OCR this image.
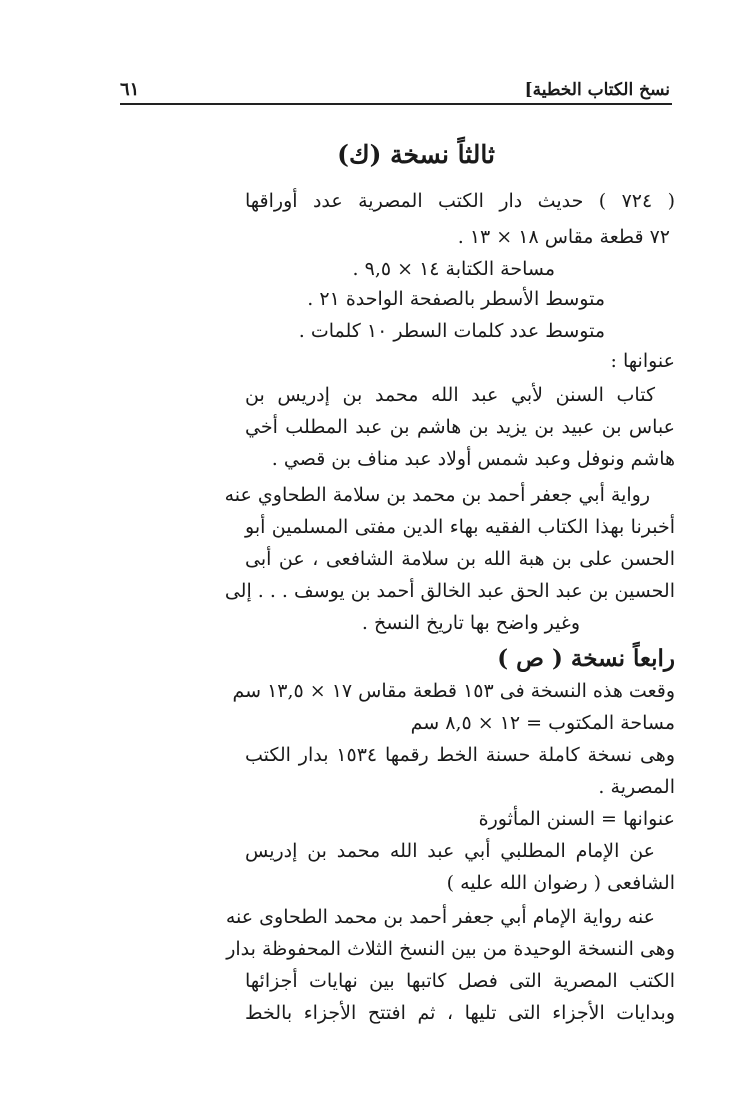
نسخ الكتاب الخطية]
٦١
ثالثاً نسخة (ك)
( ٧٢٤ ) حديث دار الكتب المصرية عدد أوراقها
٧٢ قطعة مقاس ١٨ × ١٣ .
مساحة الكتابة ١٤ × ٩,٥ .
متوسط الأسطر بالصفحة الواحدة ٢١ .
متوسط عدد كلمات السطر ١٠ كلمات .
عنوانها :
كتاب السنن لأبي عبد الله محمد بن إدريس بن
عباس بن عبيد بن يزيد بن هاشم بن عبد المطلب أخي
هاشم ونوفل وعبد شمس أولاد عبد مناف بن قصي .
رواية أبي جعفر أحمد بن محمد بن سلامة الطحاوي عنه
أخبرنا بهذا الكتاب الفقيه بهاء الدين مفتى المسلمين أبو
الحسن على بن هبة الله بن سلامة الشافعى ، عن أبى
الحسين بن عبد الحق عبد الخالق أحمد بن يوسف . . . إلى
وغير واضح بها تاريخ النسخ .
رابعاً نسخة ( ص )
وقعت هذه النسخة فى ١٥٣ قطعة مقاس ١٧ × ١٣,٥ سم
مساحة المكتوب = ١٢ × ٨,٥ سم
وهى نسخة كاملة حسنة الخط رقمها ١٥٣٤ بدار الكتب
المصرية .
عنوانها = السنن المأثورة
عن الإمام المطلبي أبي عبد الله محمد بن إدريس
الشافعى ( رضوان الله عليه )
عنه رواية الإمام أبي جعفر أحمد بن محمد الطحاوى عنه
وهى النسخة الوحيدة من بين النسخ الثلاث المحفوظة بدار
الكتب المصرية التى فصل كاتبها بين نهايات أجزائها
وبدايات الأجزاء التى تليها ، ثم افتتح الأجزاء بالخط
